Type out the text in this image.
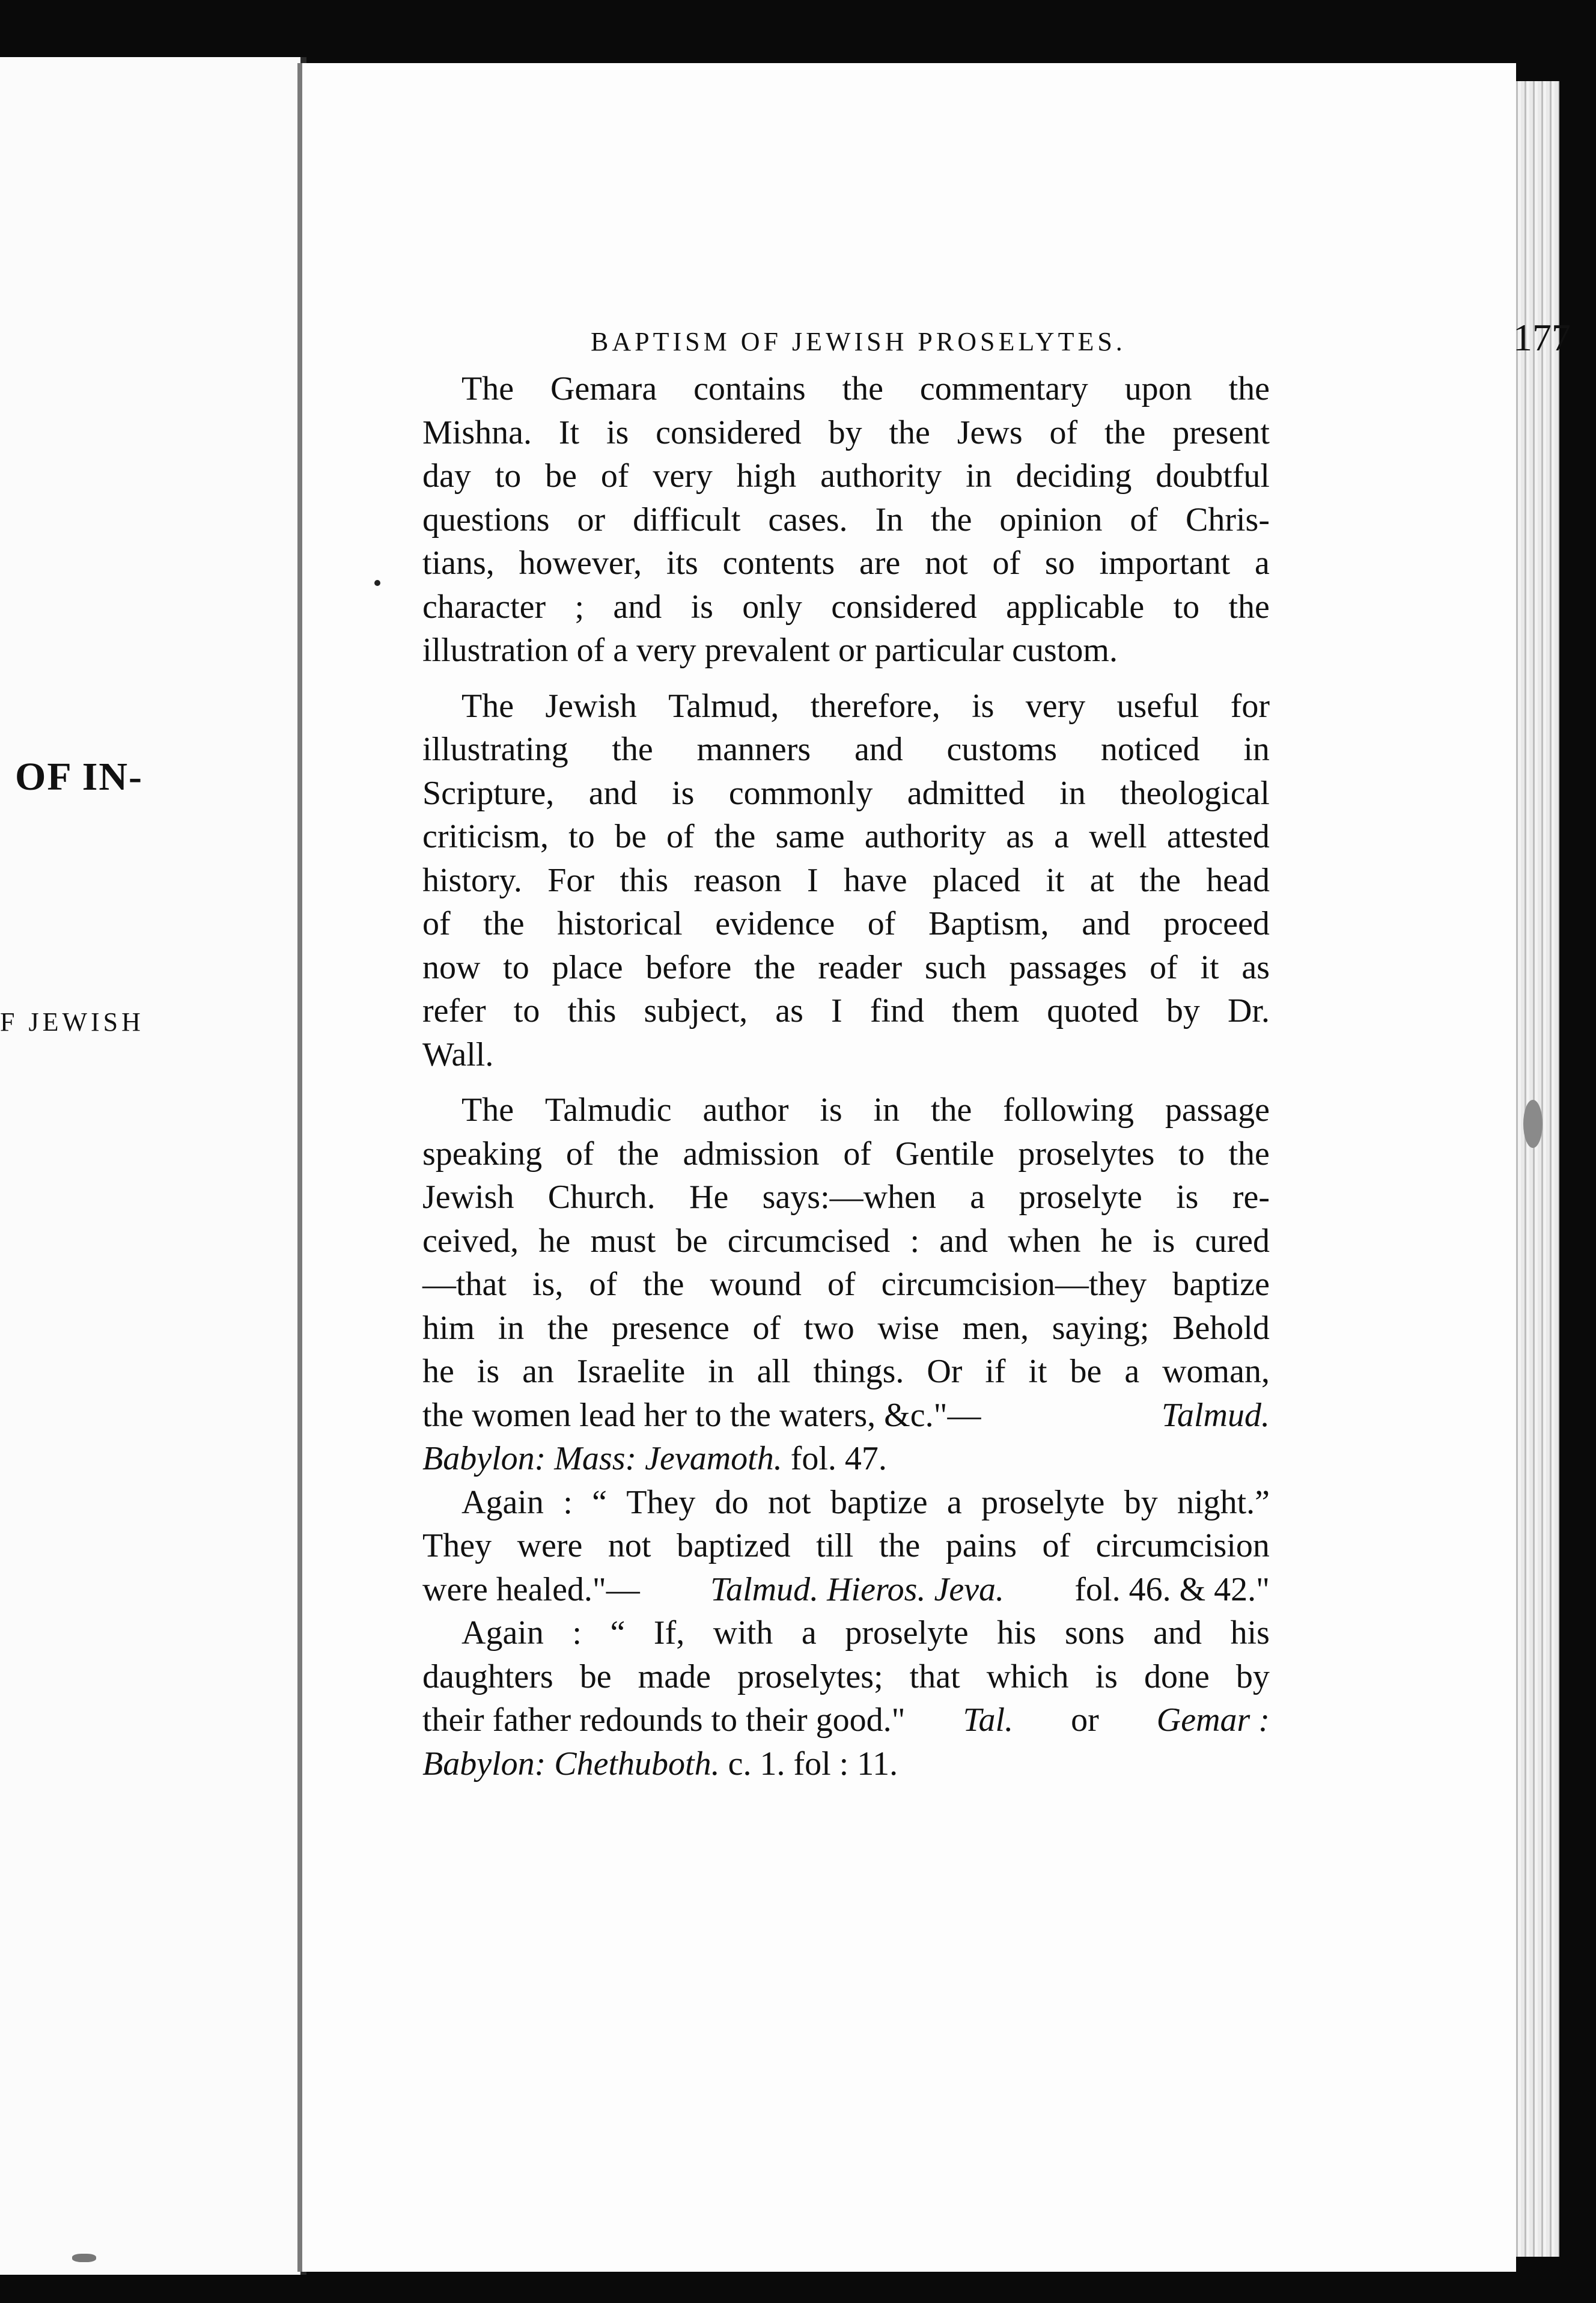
OF IN-
F JEWISH
BAPTISM OF JEWISH PROSELYTES.	177
The Gemara contains the commentary upon the
Mishna. It is considered by the Jews of the present
day to be of very high authority in deciding doubtful
questions or difficult cases. In the opinion of Chris-
tians, however, its contents are not of so important a
character ; and is only considered applicable to the
illustration of a very prevalent or particular custom.
The Jewish Talmud, therefore, is very useful for
illustrating the manners and customs noticed in
Scripture, and is commonly admitted in theological
criticism, to be of the same authority as a well attested
history. For this reason I have placed it at the head
of the historical evidence of Baptism, and proceed
now to place before the reader such passages of it as
refer to this subject, as I find them quoted by Dr.
Wall.
The Talmudic author is in the following passage
speaking of the admission of Gentile proselytes to the
Jewish Church. He says:—when a proselyte is re-
ceived, he must be circumcised : and when he is cured
—that is, of the wound of circumcision—they baptize
him in the presence of two wise men, saying; Behold
he is an Israelite in all things. Or if it be a woman,
the women lead her to the waters, &c."—	Talmud.
Babylon: Mass: Jevamoth.
fol. 47.
Again : “ They do not baptize a proselyte by night.”
They were not baptized till the pains of circumcision
were healed."— Talmud. Hieros. Jeva. fol. 46. & 42."
Again : “ If, with a proselyte his sons and his
daughters be made proselytes; that which is done by
their father redounds to their good." Tal. or Gemar :
Babylon: Chethuboth.
c. 1. fol : 11.
